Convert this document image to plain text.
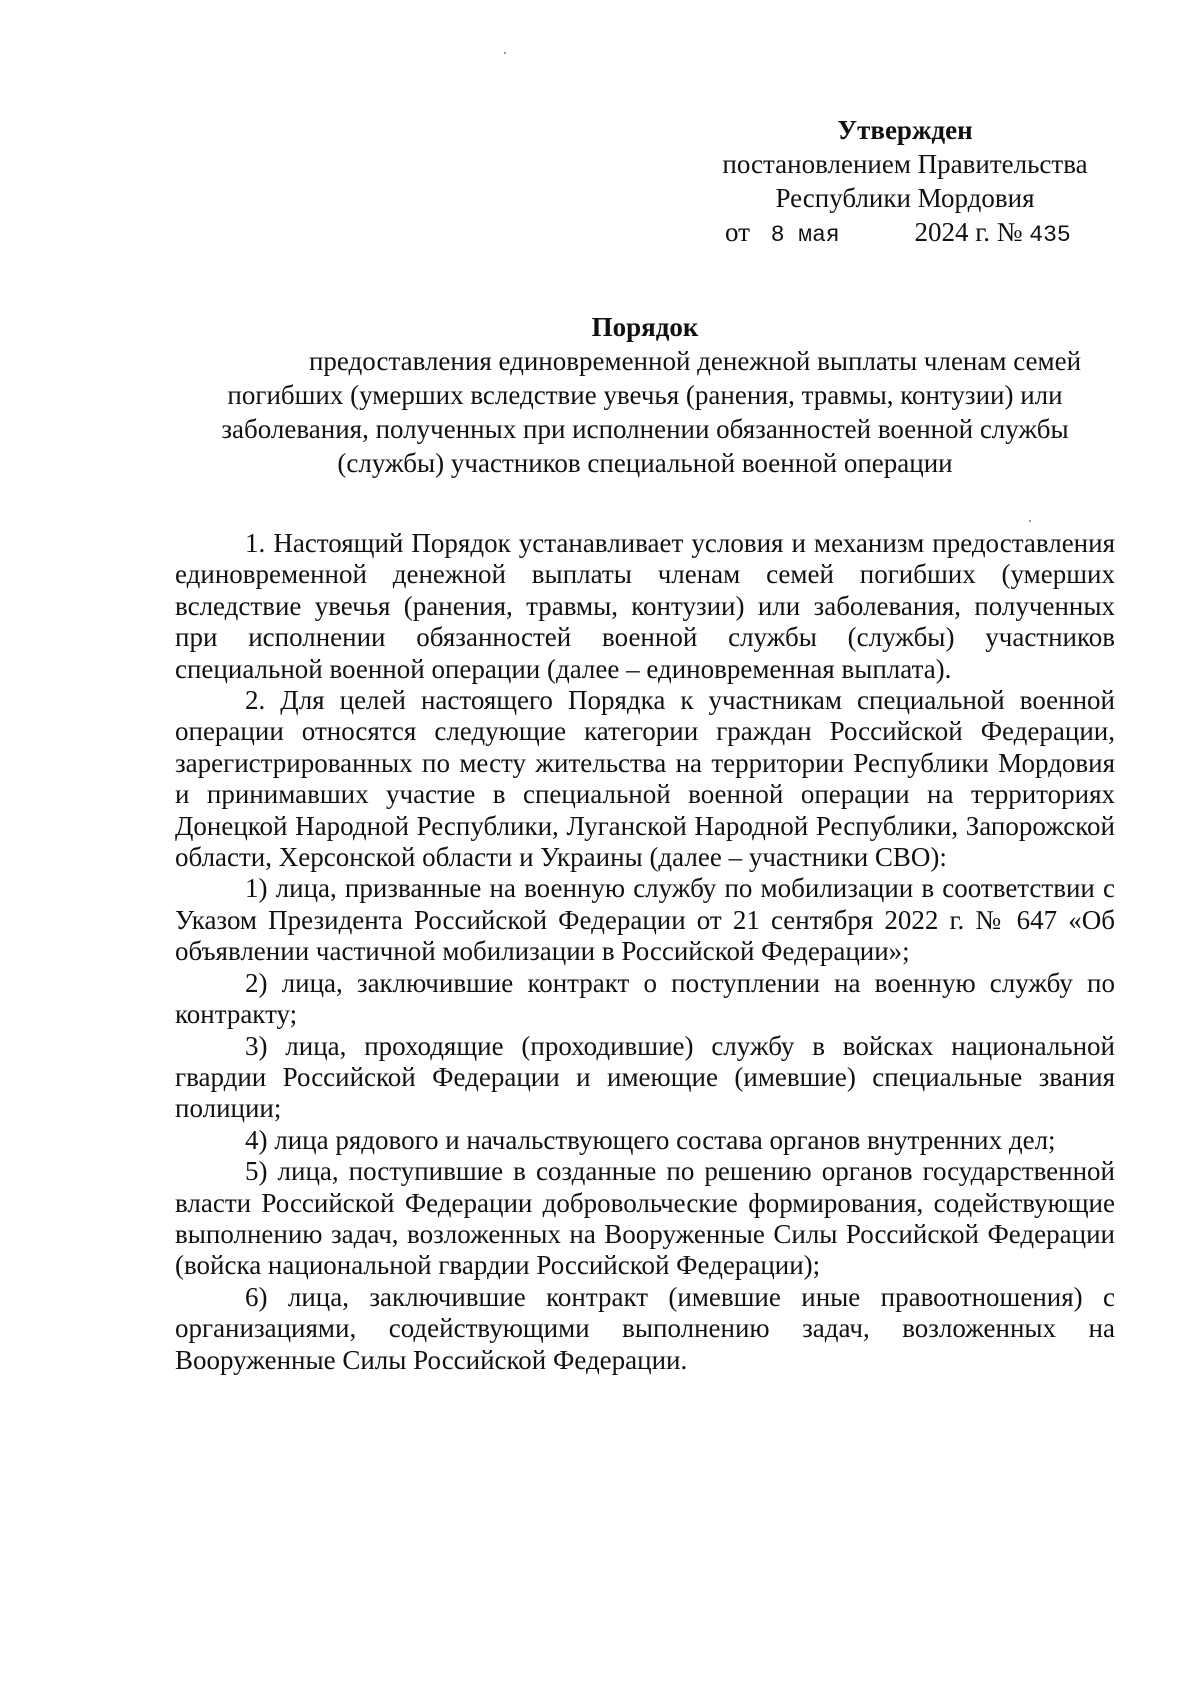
Утвержден
постановлением Правительства
Республики Мордовия
от 8 мая	2024 г. № 435
Порядок
предоставления единовременной денежной выплаты членам семей
погибших (умерших вследствие увечья (ранения, травмы, контузии) или
заболевания, полученных при исполнении обязанностей военной службы
(службы) участников специальной военной операции

1. Настоящий Порядок устанавливает условия и механизм предоставления единовременной денежной выплаты членам семей погибших (умерших вследствие увечья (ранения, травмы, контузии) или заболевания, полученных при исполнении обязанностей военной службы (службы) участников специальной военной операции (далее – единовременная выплата).

2. Для целей настоящего Порядка к участникам специальной военной операции относятся следующие категории граждан Российской Федерации, зарегистрированных по месту жительства на территории Республики Мордовия и принимавших участие в специальной военной операции на территориях Донецкой Народной Республики, Луганской Народной Республики, Запорожской области, Херсонской области и Украины (далее – участники СВО):

1) лица, призванные на военную службу по мобилизации в соответствии с Указом Президента Российской Федерации от 21 сентября 2022 г. № 647 «Об объявлении частичной мобилизации в Российской Федерации»;

2) лица, заключившие контракт о поступлении на военную службу по контракту;

3) лица, проходящие (проходившие) службу в войсках национальной гвардии Российской Федерации и имеющие (имевшие) специальные звания полиции;

4) лица рядового и начальствующего состава органов внутренних дел;

5) лица, поступившие в созданные по решению органов государственной власти Российской Федерации добровольческие формирования, содействующие выполнению задач, возложенных на Вооруженные Силы Российской Федерации (войска национальной гвардии Российской Федерации);

6) лица, заключившие контракт (имевшие иные правоотношения) с организациями, содействующими выполнению задач, возложенных на Вооруженные Силы Российской Федерации.
